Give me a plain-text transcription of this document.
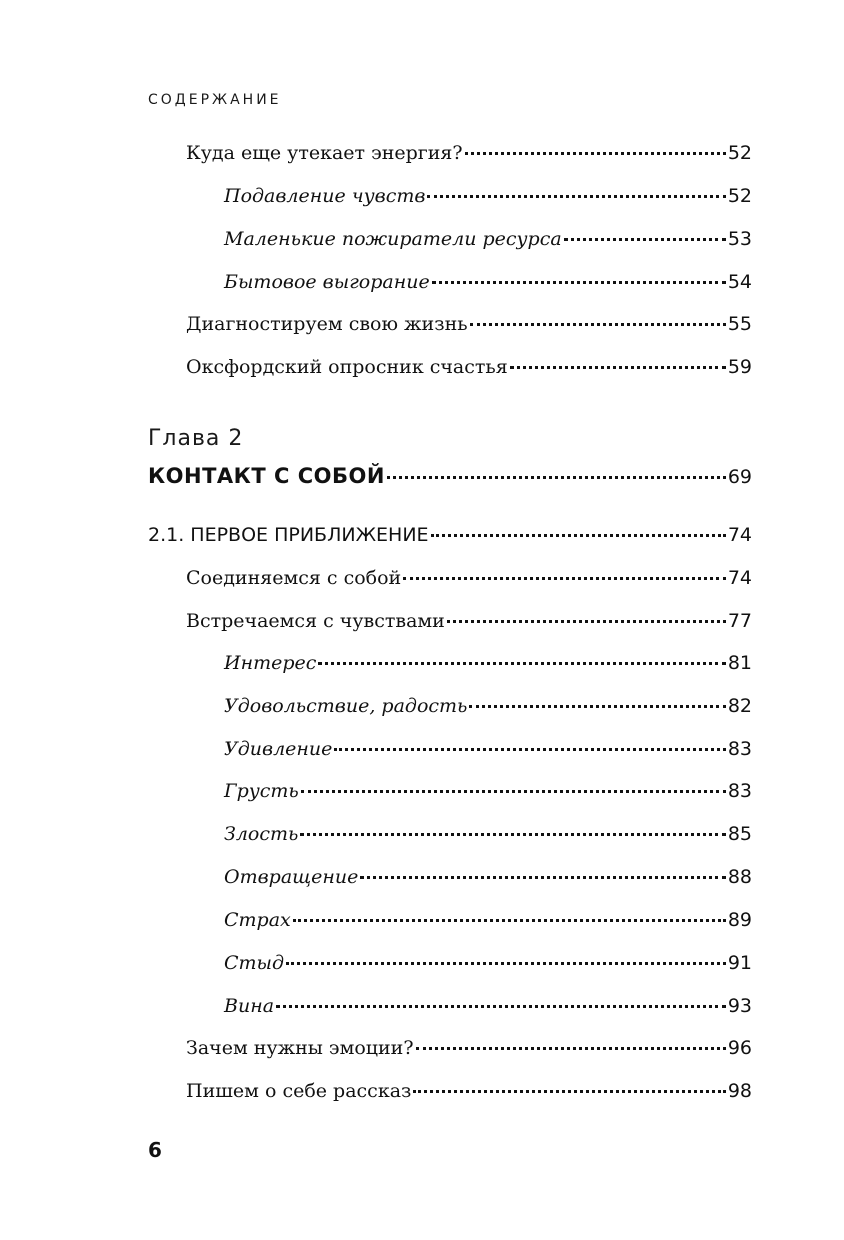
СОДЕРЖАНИЕ
Куда еще утекает энергия?	52
Подавление чувств	52
Маленькие пожиратели ресурса	53
Бытовое выгорание	54
Диагностируем свою жизнь	55
Оксфордский опросник счастья	59
Глава 2
КОНТАКТ С СОБОЙ	69
2.1. ПЕРВОЕ ПРИБЛИЖЕНИЕ	74
Соединяемся с собой	74
Встречаемся с чувствами	77
Интерес	81
Удовольствие, радость	82
Удивление	83
Грусть	83
Злость	85
Отвращение	88
Страх	89
Стыд	91
Вина	93
Зачем нужны эмоции?	96
Пишем о себе рассказ	98
6
